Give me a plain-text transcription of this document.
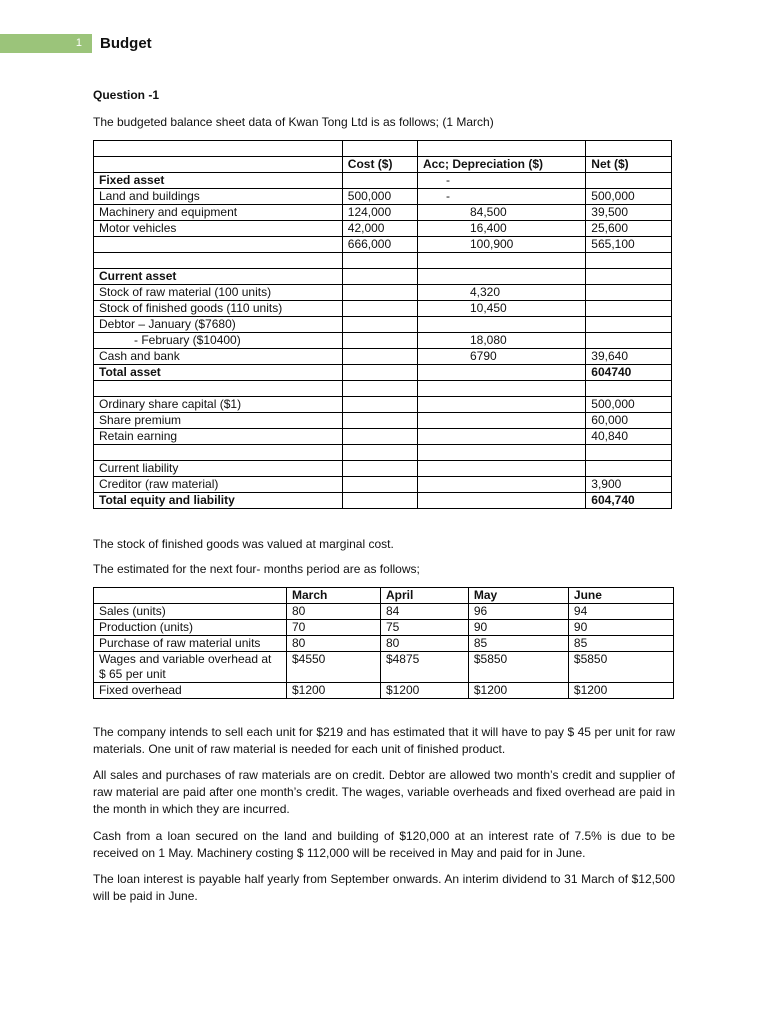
1	Budget
Question -1
The budgeted balance sheet data of Kwan Tong Ltd is as follows; (1 March)

	Cost ($)	Acc; Depreciation ($)	Net ($)
Fixed asset		-	
Land and buildings	500,000	-	500,000
Machinery and equipment	124,000	84,500	39,500
Motor vehicles	42,000	16,400	25,600
	666,000	100,900	565,100

Current asset			
Stock of raw material (100 units)		4,320	
Stock of finished goods (110 units)		10,450	
Debtor – January ($7680)			
- February ($10400)		18,080	
Cash and bank		6790	39,640
Total asset			604740

Ordinary share capital ($1)			500,000
Share premium			60,000
Retain earning			40,840

Current liability			
Creditor (raw material)			3,900
Total equity and liability			604,740
The stock of finished goods was valued at marginal cost.
The estimated for the next four- months period are as follows;
	March	April	May	June
Sales (units)	80	84	96	94
Production (units)	70	75	90	90
Purchase of raw material units	80	80	85	85
Wages and variable overhead at $ 65 per unit	$4550	$4875	$5850	$5850
Fixed overhead	$1200	$1200	$1200	$1200
The company intends to sell each unit for $219 and has estimated that it will have to pay $ 45 per unit for raw materials. One unit of raw material is needed for each unit of finished product.
All sales and purchases of raw materials are on credit. Debtor are allowed two month’s credit and supplier of raw material are paid after one month’s credit. The wages, variable overheads and fixed overhead are paid in the month in which they are incurred.
Cash from a loan secured on the land and building of $120,000 at an interest rate of 7.5% is due to be received on 1 May. Machinery costing $ 112,000 will be received in May and paid for in June.
The loan interest is payable half yearly from September onwards. An interim dividend to 31 March of $12,500 will be paid in June.
